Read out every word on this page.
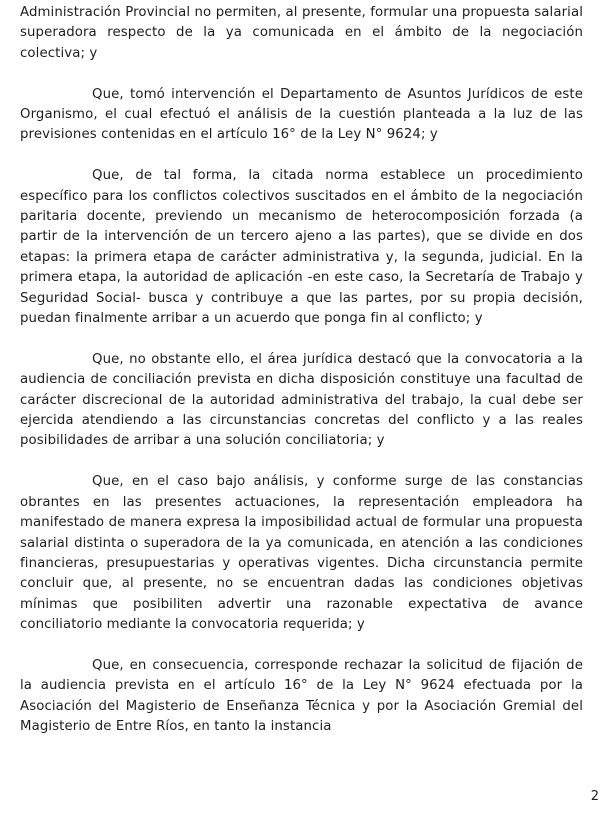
Administración Provincial no permiten, al presente, formular una propuesta salarial superadora respecto de la ya comunicada en el ámbito de la negociación colectiva; y

Que, tomó intervención el Departamento de Asuntos Jurídicos de este Organismo, el cual efectuó el análisis de la cuestión planteada a la luz de las previsiones contenidas en el artículo 16° de la Ley N° 9624; y

Que, de tal forma, la citada norma establece un procedimiento específico para los conflictos colectivos suscitados en el ámbito de la negociación paritaria docente, previendo un mecanismo de heterocomposición forzada (a partir de la intervención de un tercero ajeno a las partes), que se divide en dos etapas: la primera etapa de carácter administrativa y, la segunda, judicial. En la primera etapa, la autoridad de aplicación -en este caso, la Secretaría de Trabajo y Seguridad Social- busca y contribuye a que las partes, por su propia decisión, puedan finalmente arribar a un acuerdo que ponga fin al conflicto; y

Que, no obstante ello, el área jurídica destacó que la convocatoria a la audiencia de conciliación prevista en dicha disposición constituye una facultad de carácter discrecional de la autoridad administrativa del trabajo, la cual debe ser ejercida atendiendo a las circunstancias concretas del conflicto y a las reales posibilidades de arribar a una solución conciliatoria; y

Que, en el caso bajo análisis, y conforme surge de las constancias obrantes en las presentes actuaciones, la representación empleadora ha manifestado de manera expresa la imposibilidad actual de formular una propuesta salarial distinta o superadora de la ya comunicada, en atención a las condiciones financieras, presupuestarias y operativas vigentes. Dicha circunstancia permite concluir que, al presente, no se encuentran dadas las condiciones objetivas mínimas que posibiliten advertir una razonable expectativa de avance conciliatorio mediante la convocatoria requerida; y

Que, en consecuencia, corresponde rechazar la solicitud de fijación de la audiencia prevista en el artículo 16° de la Ley N° 9624 efectuada por la Asociación del Magisterio de Enseñanza Técnica y por la Asociación Gremial del Magisterio de Entre Ríos, en tanto la instancia

2
